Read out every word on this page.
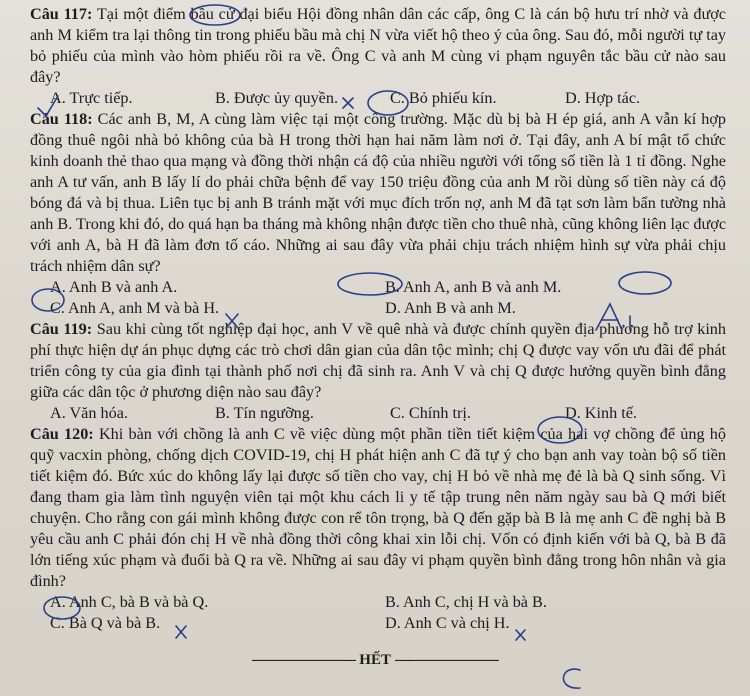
Câu 117: Tại một điểm bầu cử đại biểu Hội đồng nhân dân các cấp, ông C là cán bộ hưu trí nhờ và được anh M kiểm tra lại thông tin trong phiếu bầu mà chị N vừa viết hộ theo ý của ông. Sau đó, mỗi người tự tay bỏ phiếu của mình vào hòm phiếu rồi ra về. Ông C và anh M cùng vi phạm nguyên tắc bầu cử nào sau đây?

A. Trực tiếp.	B. Được ủy quyền.	C. Bỏ phiếu kín.	D. Hợp tác.

Câu 118: Các anh B, M, A cùng làm việc tại một công trường. Mặc dù bị bà H ép giá, anh A vẫn kí hợp đồng thuê ngôi nhà bỏ không của bà H trong thời hạn hai năm làm nơi ở. Tại đây, anh A bí mật tổ chức kinh doanh thẻ thao qua mạng và đồng thời nhận cá độ của nhiều người với tổng số tiền là 1 tỉ đồng. Nghe anh A tư vấn, anh B lấy lí do phải chữa bệnh để vay 150 triệu đồng của anh M rồi dùng số tiền này cá độ bóng đá và bị thua. Liên tục bị anh B tránh mặt với mục đích trốn nợ, anh M đã tạt sơn làm bẩn tường nhà anh B. Trong khi đó, do quá hạn ba tháng mà không nhận được tiền cho thuê nhà, cũng không liên lạc được với anh A, bà H đã làm đơn tố cáo. Những ai sau đây vừa phải chịu trách nhiệm hình sự vừa phải chịu trách nhiệm dân sự?

A. Anh B và anh A.	B. Anh A, anh B và anh M.
C. Anh A, anh M và bà H.	D. Anh B và anh M.

Câu 119: Sau khi cùng tốt nghiệp đại học, anh V về quê nhà và được chính quyền địa phương hỗ trợ kinh phí thực hiện dự án phục dựng các trò chơi dân gian của dân tộc mình; chị Q được vay vốn ưu đãi để phát triển công ty của gia đình tại thành phố nơi chị đã sinh ra. Anh V và chị Q được hưởng quyền bình đẳng giữa các dân tộc ở phương diện nào sau đây?

A. Văn hóa.	B. Tín ngưỡng.	C. Chính trị.	D. Kinh tế.

Câu 120: Khi bàn với chồng là anh C về việc dùng một phần tiền tiết kiệm của hai vợ chồng để ủng hộ quỹ vacxin phòng, chống dịch COVID-19, chị H phát hiện anh C đã tự ý cho bạn anh vay toàn bộ số tiền tiết kiệm đó. Bức xúc do không lấy lại được số tiền cho vay, chị H bỏ về nhà mẹ đẻ là bà Q sinh sống. Vì đang tham gia làm tình nguyện viên tại một khu cách li y tế tập trung nên năm ngày sau bà Q mới biết chuyện. Cho rằng con gái mình không được con rể tôn trọng, bà Q đến gặp bà B là mẹ anh C đề nghị bà B yêu cầu anh C phải đón chị H về nhà đồng thời công khai xin lỗi chị. Vốn có định kiến với bà Q, bà B đã lớn tiếng xúc phạm và đuổi bà Q ra về. Những ai sau đây vi phạm quyền bình đẳng trong hôn nhân và gia đình?

A. Anh C, bà B và bà Q.	B. Anh C, chị H và bà B.
C. Bà Q và bà B.	D. Anh C và chị H.
-------------------------- HẾT --------------------------
